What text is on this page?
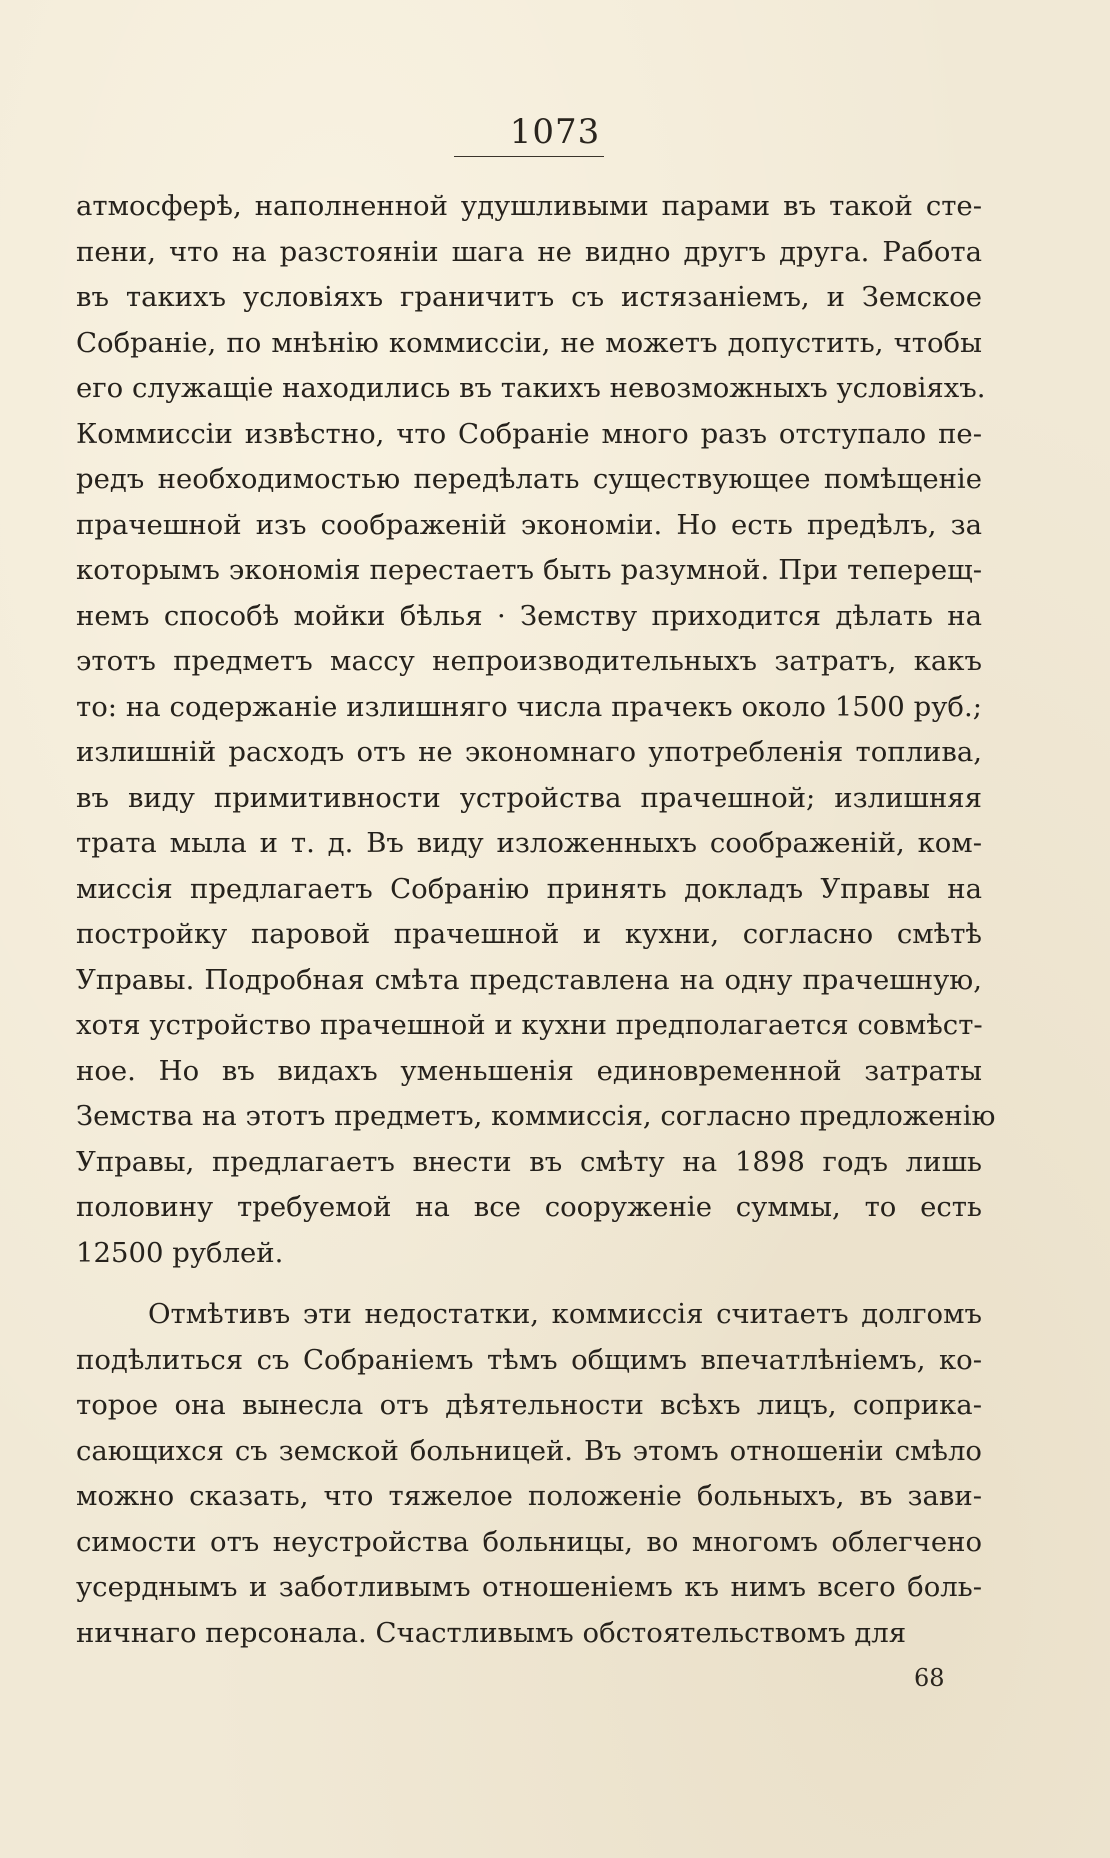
1073
атмосферѣ, наполненной удушливыми парами въ такой сте-
пени, что на разстояніи шага не видно другъ друга. Работа
въ такихъ условіяхъ граничитъ съ истязаніемъ, и Земское
Собраніе, по мнѣнію коммиссіи, не можетъ допустить, чтобы
его служащіе находились въ такихъ невозможныхъ условіяхъ.
Коммиссіи извѣстно, что Собраніе много разъ отступало пе-
редъ необходимостью передѣлать существующее помѣщеніе
прачешной изъ соображеній экономіи. Но есть предѣлъ, за
которымъ экономія перестаетъ быть разумной. При теперещ-
немъ способѣ мойки бѣлья · Земству приходится дѣлать на
этотъ предметъ массу непроизводительныхъ затратъ, какъ
то: на содержаніе излишняго числа прачекъ около 1500 руб.;
излишній расходъ отъ не экономнаго употребленія топлива,
въ виду примитивности устройства прачешной; излишняя
трата мыла и т. д. Въ виду изложенныхъ соображеній, ком-
миссія предлагаетъ Собранію принять докладъ Управы на
постройку паровой прачешной и кухни, согласно смѣтѣ
Управы. Подробная смѣта представлена на одну прачешную,
хотя устройство прачешной и кухни предполагается совмѣст-
ное. Но въ видахъ уменьшенія единовременной затраты
Земства на этотъ предметъ, коммиссія, согласно предложенію
Управы, предлагаетъ внести въ смѣту на 1898 годъ лишь
половину требуемой на все сооруженіе суммы, то есть
12500 рублей.
Отмѣтивъ эти недостатки, коммиссія считаетъ долгомъ
подѣлиться съ Собраніемъ тѣмъ общимъ впечатлѣніемъ, ко-
торое она вынесла отъ дѣятельности всѣхъ лицъ, соприка-
сающихся съ земской больницей. Въ этомъ отношеніи смѣло
можно сказать, что тяжелое положеніе больныхъ, въ зави-
симости отъ неустройства больницы, во многомъ облегчено
усерднымъ и заботливымъ отношеніемъ къ нимъ всего боль-
ничнаго персонала. Счастливымъ обстоятельствомъ для
68
